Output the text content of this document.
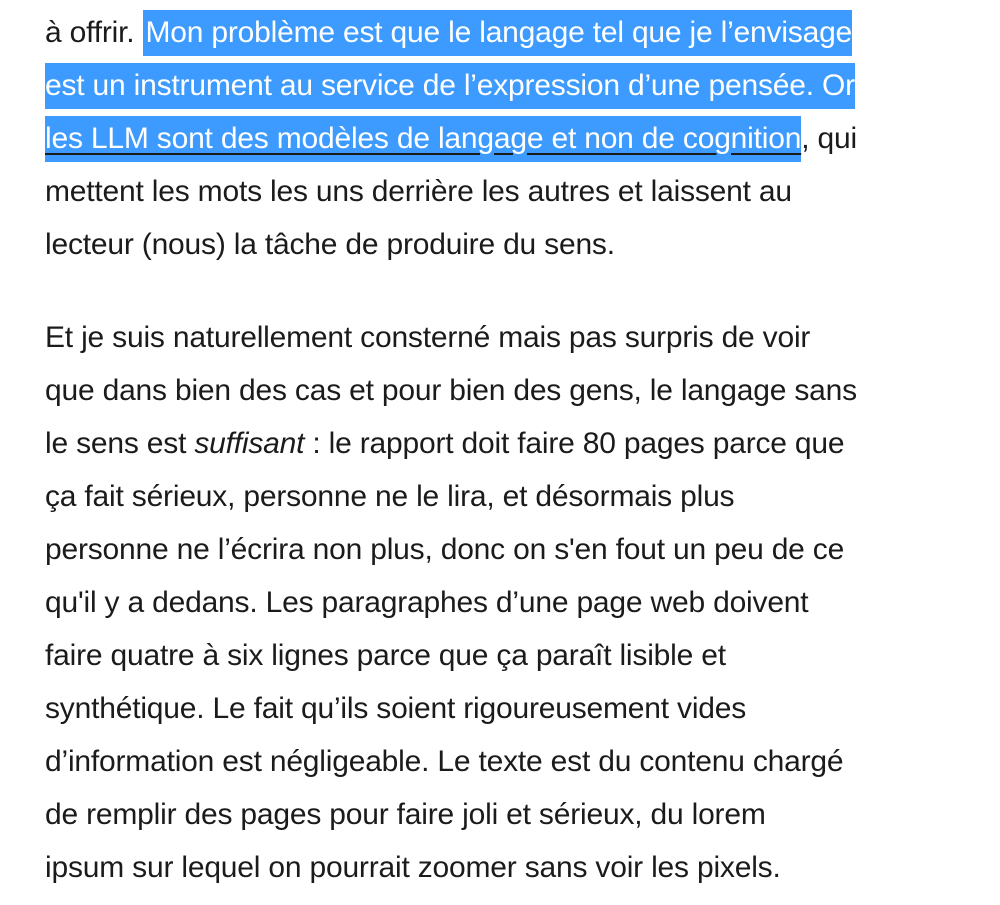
à offrir. Mon problème est que le langage tel que je l’envisage
est un instrument au service de l’expression d’une pensée. Or
les LLM sont des modèles de langage et non de cognition, qui
mettent les mots les uns derrière les autres et laissent au
lecteur (nous) la tâche de produire du sens.
Et je suis naturellement consterné mais pas surpris de voir
que dans bien des cas et pour bien des gens, le langage sans
le sens est suffisant : le rapport doit faire 80 pages parce que
ça fait sérieux, personne ne le lira, et désormais plus
personne ne l’écrira non plus, donc on s'en fout un peu de ce
qu'il y a dedans. Les paragraphes d’une page web doivent
faire quatre à six lignes parce que ça paraît lisible et
synthétique. Le fait qu’ils soient rigoureusement vides
d’information est négligeable. Le texte est du contenu chargé
de remplir des pages pour faire joli et sérieux, du lorem
ipsum sur lequel on pourrait zoomer sans voir les pixels.
